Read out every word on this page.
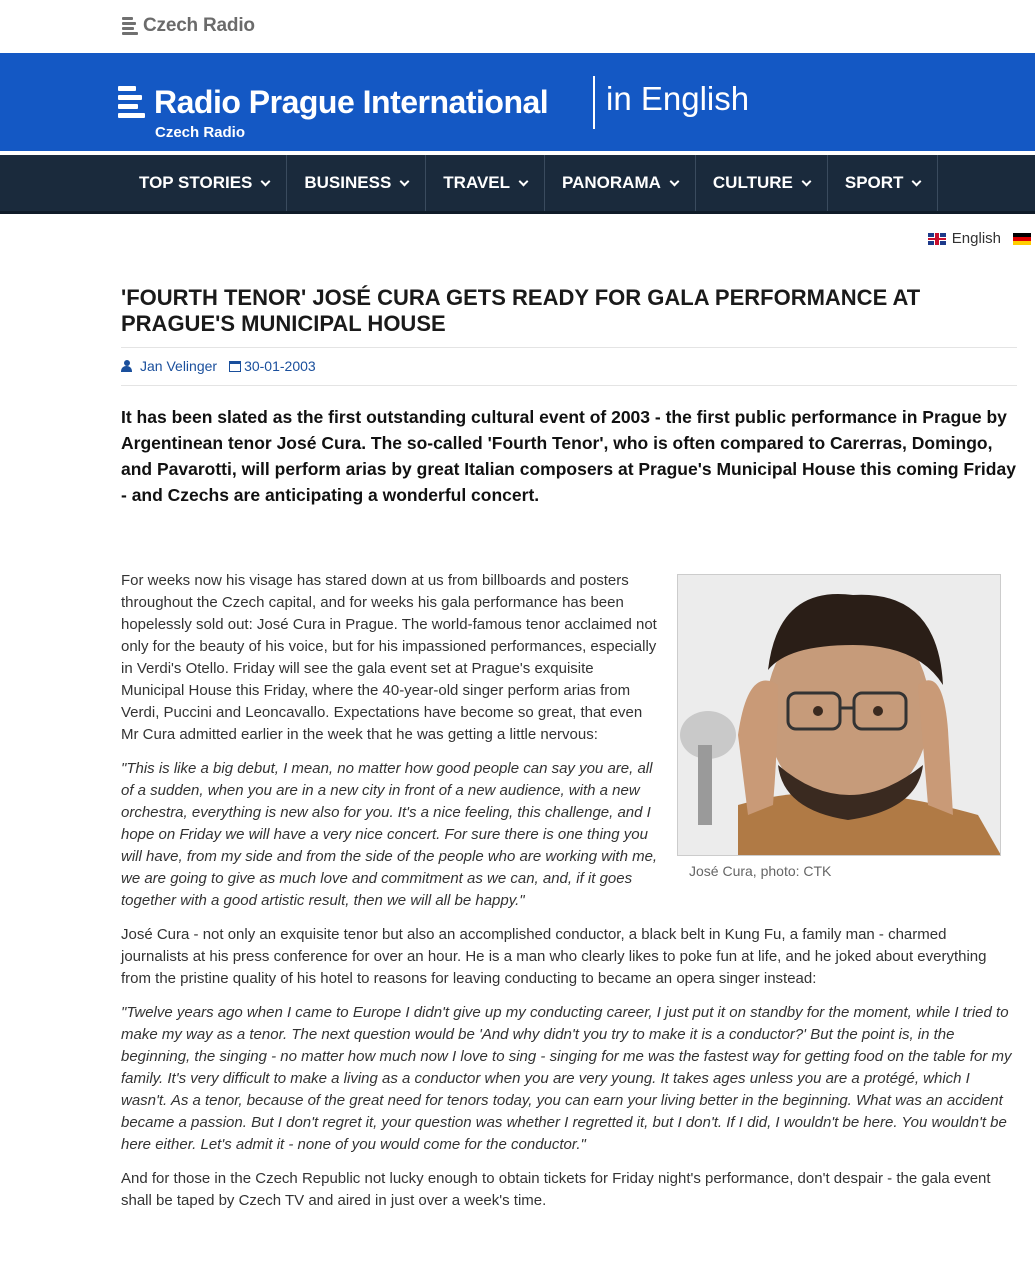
Czech Radio
Radio Prague International
Czech Radio
in English
TOP STORIES	BUSINESS	TRAVEL	PANORAMA	CULTURE	SPORT
English
'FOURTH TENOR' JOSÉ CURA GETS READY FOR GALA PERFORMANCE AT PRAGUE'S MUNICIPAL HOUSE
Jan Velinger 30-01-2003

It has been slated as the first outstanding cultural event of 2003 - the first public performance in Prague by Argentinean tenor José Cura. The so-called 'Fourth Tenor', who is often compared to Carerras, Domingo, and Pavarotti, will perform arias by great Italian composers at Prague's Municipal House this coming Friday - and Czechs are anticipating a wonderful concert.

José Cura, photo: CTK

For weeks now his visage has stared down at us from billboards and posters throughout the Czech capital, and for weeks his gala performance has been hopelessly sold out: José Cura in Prague. The world-famous tenor acclaimed not only for the beauty of his voice, but for his impassioned performances, especially in Verdi's Otello. Friday will see the gala event set at Prague's exquisite Municipal House this Friday, where the 40-year-old singer perform arias from Verdi, Puccini and Leoncavallo. Expectations have become so great, that even Mr Cura admitted earlier in the week that he was getting a little nervous:

"This is like a big debut, I mean, no matter how good people can say you are, all of a sudden, when you are in a new city in front of a new audience, with a new orchestra, everything is new also for you. It's a nice feeling, this challenge, and I hope on Friday we will have a very nice concert. For sure there is one thing you will have, from my side and from the side of the people who are working with me, we are going to give as much love and commitment as we can, and, if it goes together with a good artistic result, then we will all be happy."

José Cura - not only an exquisite tenor but also an accomplished conductor, a black belt in Kung Fu, a family man - charmed journalists at his press conference for over an hour. He is a man who clearly likes to poke fun at life, and he joked about everything from the pristine quality of his hotel to reasons for leaving conducting to became an opera singer instead:

"Twelve years ago when I came to Europe I didn't give up my conducting career, I just put it on standby for the moment, while I tried to make my way as a tenor. The next question would be 'And why didn't you try to make it is a conductor?' But the point is, in the beginning, the singing - no matter how much now I love to sing - singing for me was the fastest way for getting food on the table for my family. It's very difficult to make a living as a conductor when you are very young. It takes ages unless you are a protégé, which I wasn't. As a tenor, because of the great need for tenors today, you can earn your living better in the beginning. What was an accident became a passion. But I don't regret it, your question was whether I regretted it, but I don't. If I did, I wouldn't be here. You wouldn't be here either. Let's admit it - none of you would come for the conductor."

And for those in the Czech Republic not lucky enough to obtain tickets for Friday night's performance, don't despair - the gala event shall be taped by Czech TV and aired in just over a week's time.
